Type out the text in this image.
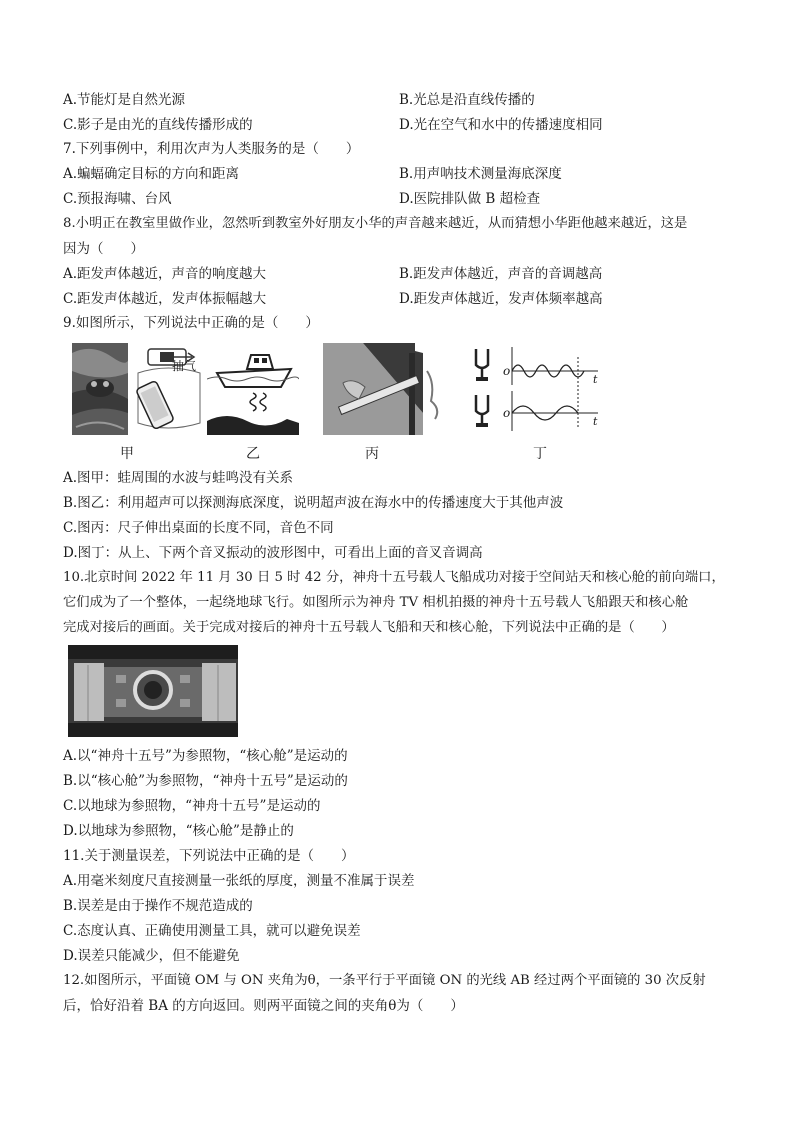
A.节能灯是自然光源	B.光总是沿直线传播的
C.影子是由光的直线传播形成的	D.光在空气和水中的传播速度相同
7.下列事例中，利用次声为人类服务的是（　　）
A.蝙蝠确定目标的方向和距离	B.用声呐技术测量海底深度
C.预报海啸、台风	D.医院排队做 B 超检查
8.小明正在教室里做作业，忽然听到教室外好朋友小华的声音越来越近，从而猜想小华距他越来越近，这是
因为（　　）
A.距发声体越近，声音的响度越大	B.距发声体越近，声音的音调越高
C.距发声体越近，发声体振幅越大	D.距发声体越近，发声体频率越高
9.如图所示，下列说法中正确的是（　　）
抽气	o
t
o
t
甲	乙	丙	丁
A.图甲：蛙周围的水波与蛙鸣没有关系
B.图乙：利用超声可以探测海底深度，说明超声波在海水中的传播速度大于其他声波
C.图丙：尺子伸出桌面的长度不同，音色不同
D.图丁：从上、下两个音叉振动的波形图中，可看出上面的音叉音调高
10.北京时间 2022 年 11 月 30 日 5 时 42 分，神舟十五号载人飞船成功对接于空间站天和核心舱的前向端口，
它们成为了一个整体，一起绕地球飞行。如图所示为神舟 TV 相机拍摄的神舟十五号载人飞船跟天和核心舱
完成对接后的画面。关于完成对接后的神舟十五号载人飞船和天和核心舱，下列说法中正确的是（　　）
A.以“神舟十五号”为参照物，“核心舱”是运动的
B.以“核心舱”为参照物，“神舟十五号”是运动的
C.以地球为参照物，“神舟十五号”是运动的
D.以地球为参照物，“核心舱”是静止的
11.关于测量误差，下列说法中正确的是（　　）
A.用毫米刻度尺直接测量一张纸的厚度，测量不准属于误差
B.误差是由于操作不规范造成的
C.态度认真、正确使用测量工具，就可以避免误差
D.误差只能减少，但不能避免
12.如图所示，平面镜 OM 与 ON 夹角为θ，一条平行于平面镜 ON 的光线 AB 经过两个平面镜的 30 次反射
后，恰好沿着 BA 的方向返回。则两平面镜之间的夹角θ为（　　）
